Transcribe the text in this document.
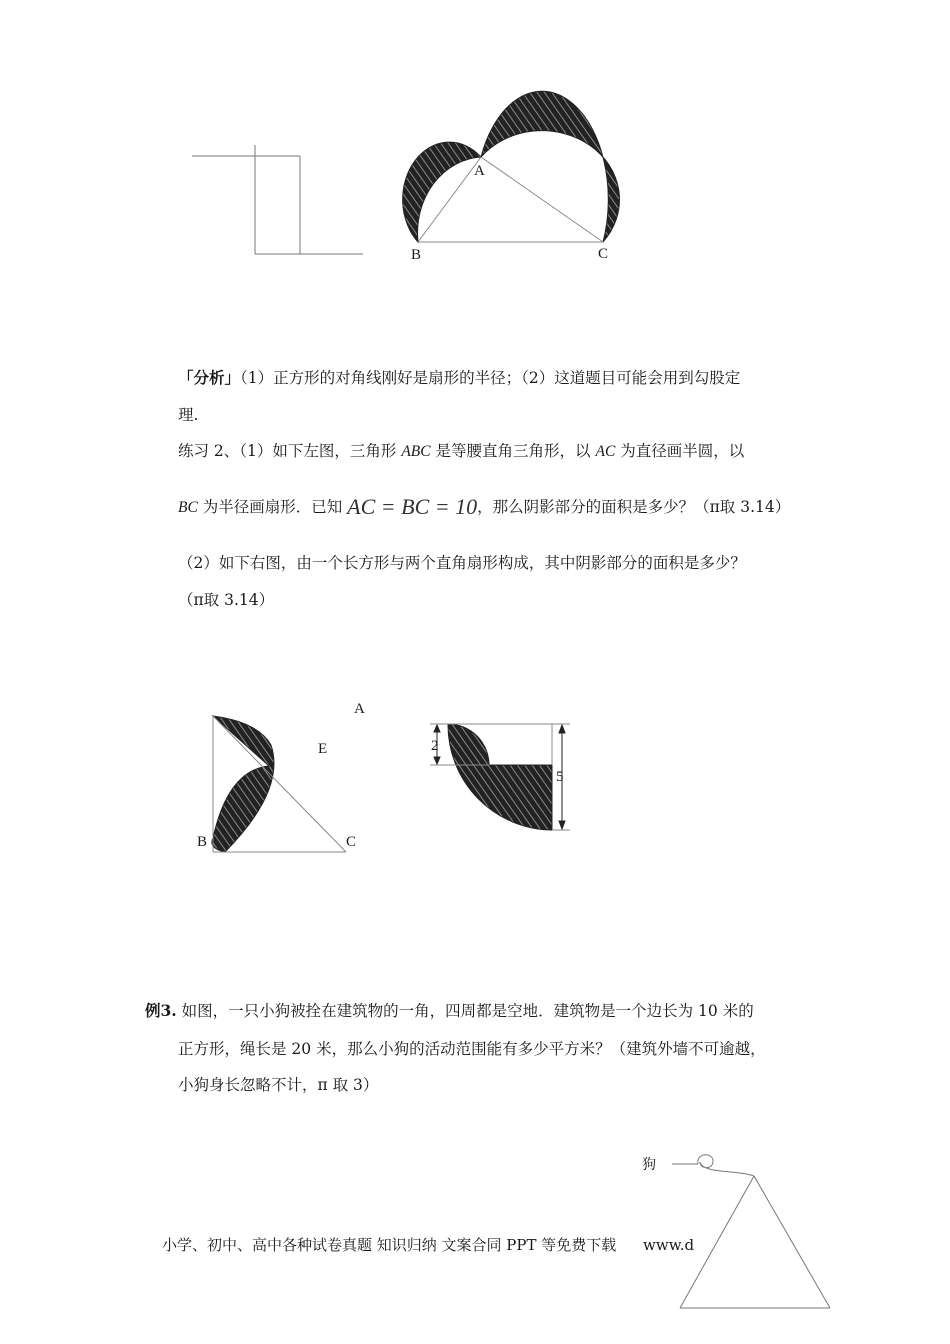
A
B	C
A
E
B	C
2
5
狗
「分析」（1）正方形的对角线刚好是扇形的半径；（2）这道题目可能会用到勾股定
理.
练习 2、（1）如下左图，三角形 ABC 是等腰直角三角形，以 AC 为直径画半圆，以
BC 为半径画扇形．已知 AC = BC = 10，那么阴影部分的面积是多少？（π取 3.14）
（2）如下右图，由一个长方形与两个直角扇形构成，其中阴影部分的面积是多少？
（π取 3.14）
例3. 如图，一只小狗被拴在建筑物的一角，四周都是空地．建筑物是一个边长为 10 米的
正方形，绳长是 20 米，那么小狗的活动范围能有多少平方米？（建筑外墙不可逾越，
小狗身长忽略不计，π 取 3）
小学、初中、高中各种试卷真题 知识归纳 文案合同 PPT 等免费下载 www.d
